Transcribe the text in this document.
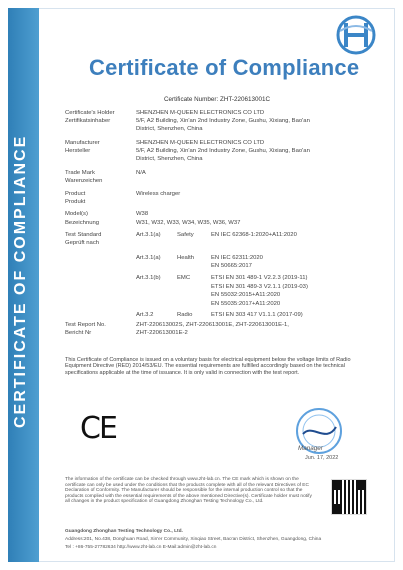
CERTIFICATE OF COMPLIANCE
Certificate of Compliance
Certificate Number: ZHT-220613001C
Certificate's Holder	SHENZHEN M-QUEEN ELECTRONICS CO LTD
Zertifikatsinhaber	5/F, A2 Building, Xin'an 2nd Industry Zone, Gushu, Xixiang, Bao'an
District, Shenzhen, China
Manufacturer	SHENZHEN M-QUEEN ELECTRONICS CO LTD
Hersteller	5/F, A2 Building, Xin'an 2nd Industry Zone, Gushu, Xixiang, Bao'an
District, Shenzhen, China
Trade Mark	N/A
Warenzeichen
Product	Wireless charger
Produkt
Model(s)	W38
Bezeichnung	W31, W32, W33, W34, W35, W36, W37
Test Standard
Geprüft nach
Art.3.1(a)	Safety	EN IEC 62368-1:2020+A11:2020
Art.3.1(a)	Health	EN IEC 62311:2020
EN 50665:2017
Art.3.1(b)	EMC	ETSI EN 301 489-1 V2.2.3 (2019-11)
ETSI EN 301 489-3 V2.1.1 (2019-03)
EN 55032:2015+A11:2020
EN 55035:2017+A11:2020
Art.3.2	Radio	ETSI EN 303 417 V1.1.1 (2017-09)
Test Report No.
Bericht Nr
ZHT-220613002S, ZHT-220613001E, ZHT-220613001E-1,
ZHT-220613001E-2
This Certificate of Compliance is issued on a voluntary basis for electrical equipment below the voltage limits of Radio Equipment Directive (RED) 2014/53/EU. The essential requirements are fulfilled accordingly based on the technical specifications applicable at the time of issuance. It is only valid in connection with the test report.
CE
Manager
Jun. 17, 2022
The information of the certificate can be checked through www.zht-lab.cn. The CE mark which is shown on the certificate can only be used under the conditions that the products complete with all of the relevant Directives of EC Declaration of Conformity. The Manufacturer should be responsible for the internal production control so that the products complied with the essential requirements of the above mentioned Directive(s). Certificate holder must notify all changes in the product specification of Guangdong Zhonghan Testing Technology Co., Ltd.
Guangdong Zhonghan Testing Technology Co., Ltd.
Address:201, No.438, Donghuan Road, Xin'er Community, Xinqiao Street, Bao'an District, Shenzhen, Guangdong, China
Tel : +86-755-27782634 http://www.zht-lab.cn E-Mail:admin@zht-lab.cn
